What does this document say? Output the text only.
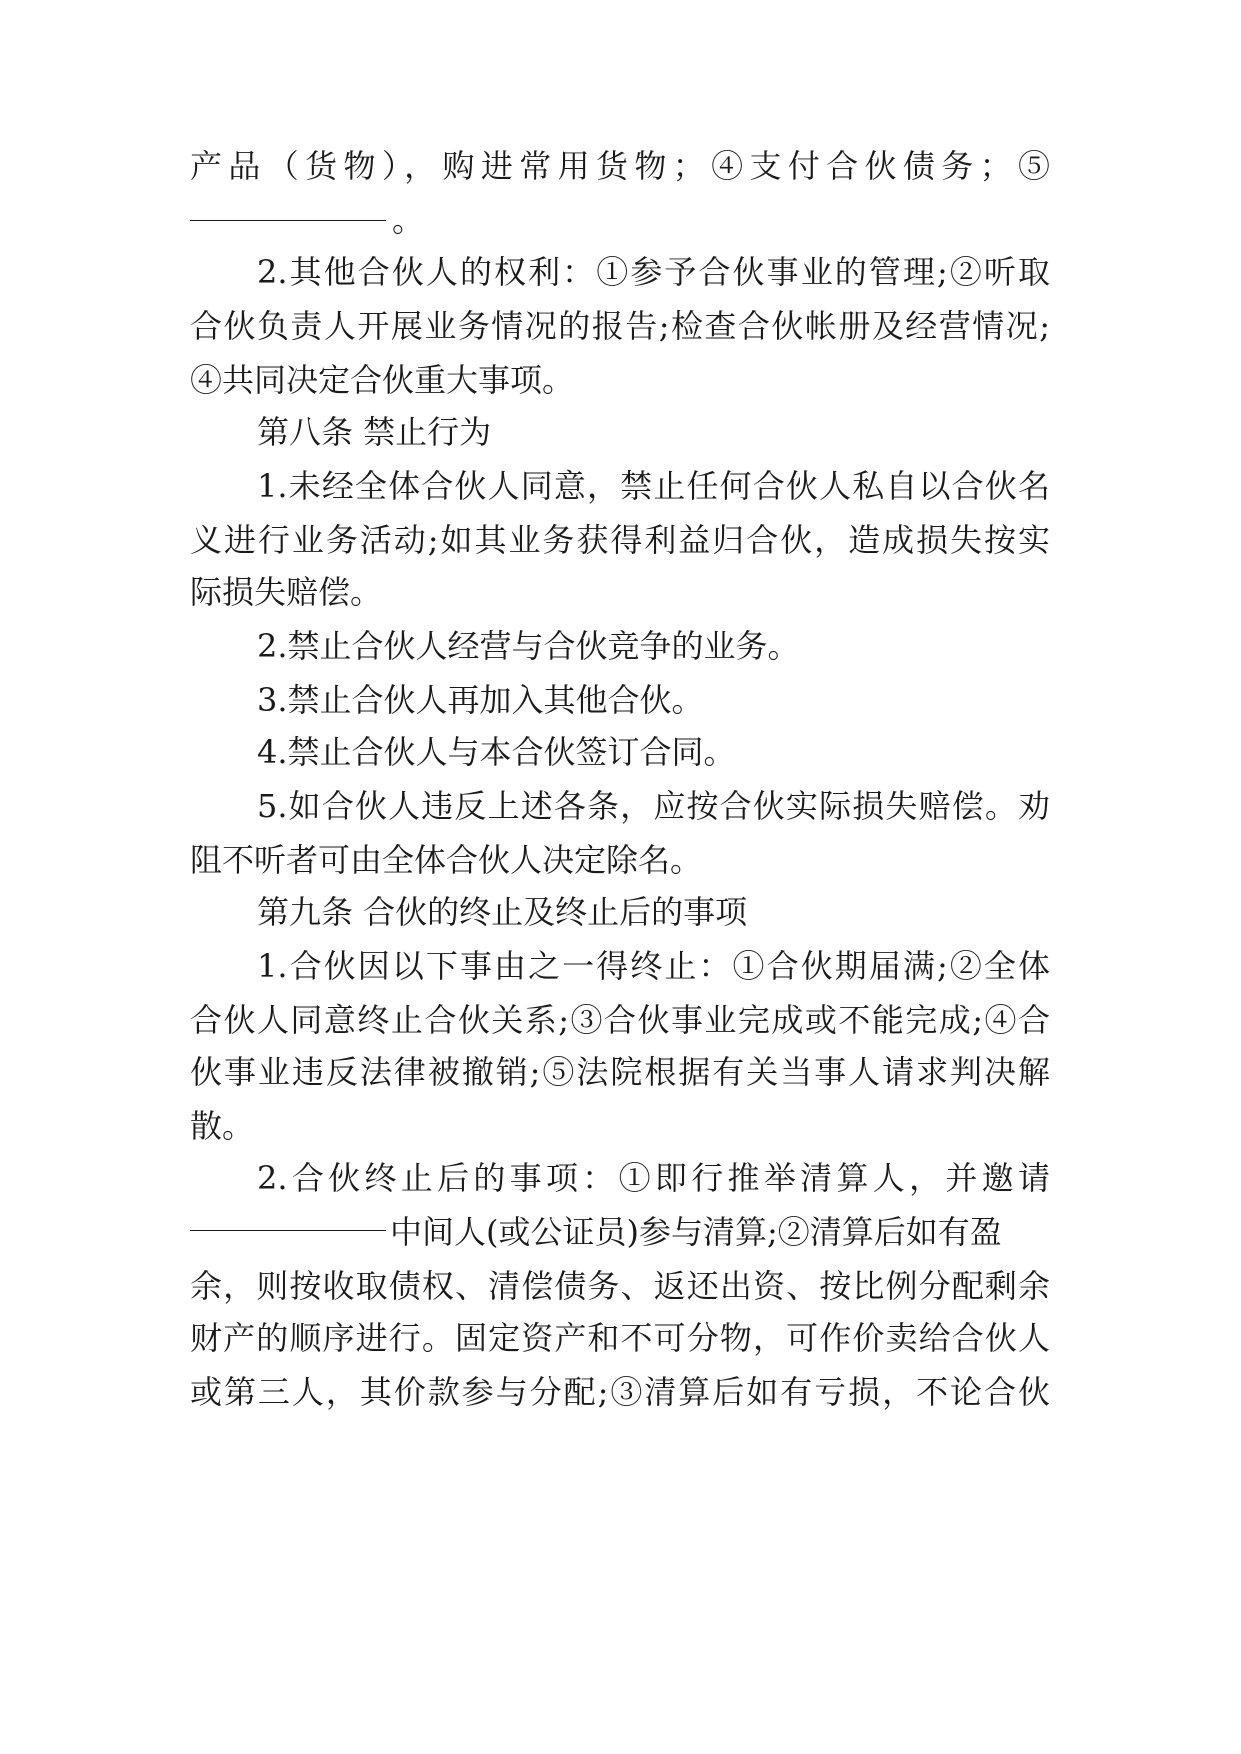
产品（货物），购进常用货物；④支付合伙债务；⑤
。
2.其他合伙人的权利：①参予合伙事业的管理;②听取
合伙负责人开展业务情况的报告;检查合伙帐册及经营情况;
④共同决定合伙重大事项。
第八条 禁止行为
1.未经全体合伙人同意，禁止任何合伙人私自以合伙名
义进行业务活动;如其业务获得利益归合伙，造成损失按实
际损失赔偿。
2.禁止合伙人经营与合伙竞争的业务。
3.禁止合伙人再加入其他合伙。
4.禁止合伙人与本合伙签订合同。
5.如合伙人违反上述各条，应按合伙实际损失赔偿。劝
阻不听者可由全体合伙人决定除名。
第九条 合伙的终止及终止后的事项
1.合伙因以下事由之一得终止：①合伙期届满;②全体
合伙人同意终止合伙关系;③合伙事业完成或不能完成;④合
伙事业违反法律被撤销;⑤法院根据有关当事人请求判决解
散。
2.合伙终止后的事项：①即行推举清算人，并邀请
中间人(或公证员)参与清算;②清算后如有盈
余，则按收取债权、清偿债务、返还出资、按比例分配剩余
财产的顺序进行。固定资产和不可分物，可作价卖给合伙人
或第三人，其价款参与分配;③清算后如有亏损，不论合伙
